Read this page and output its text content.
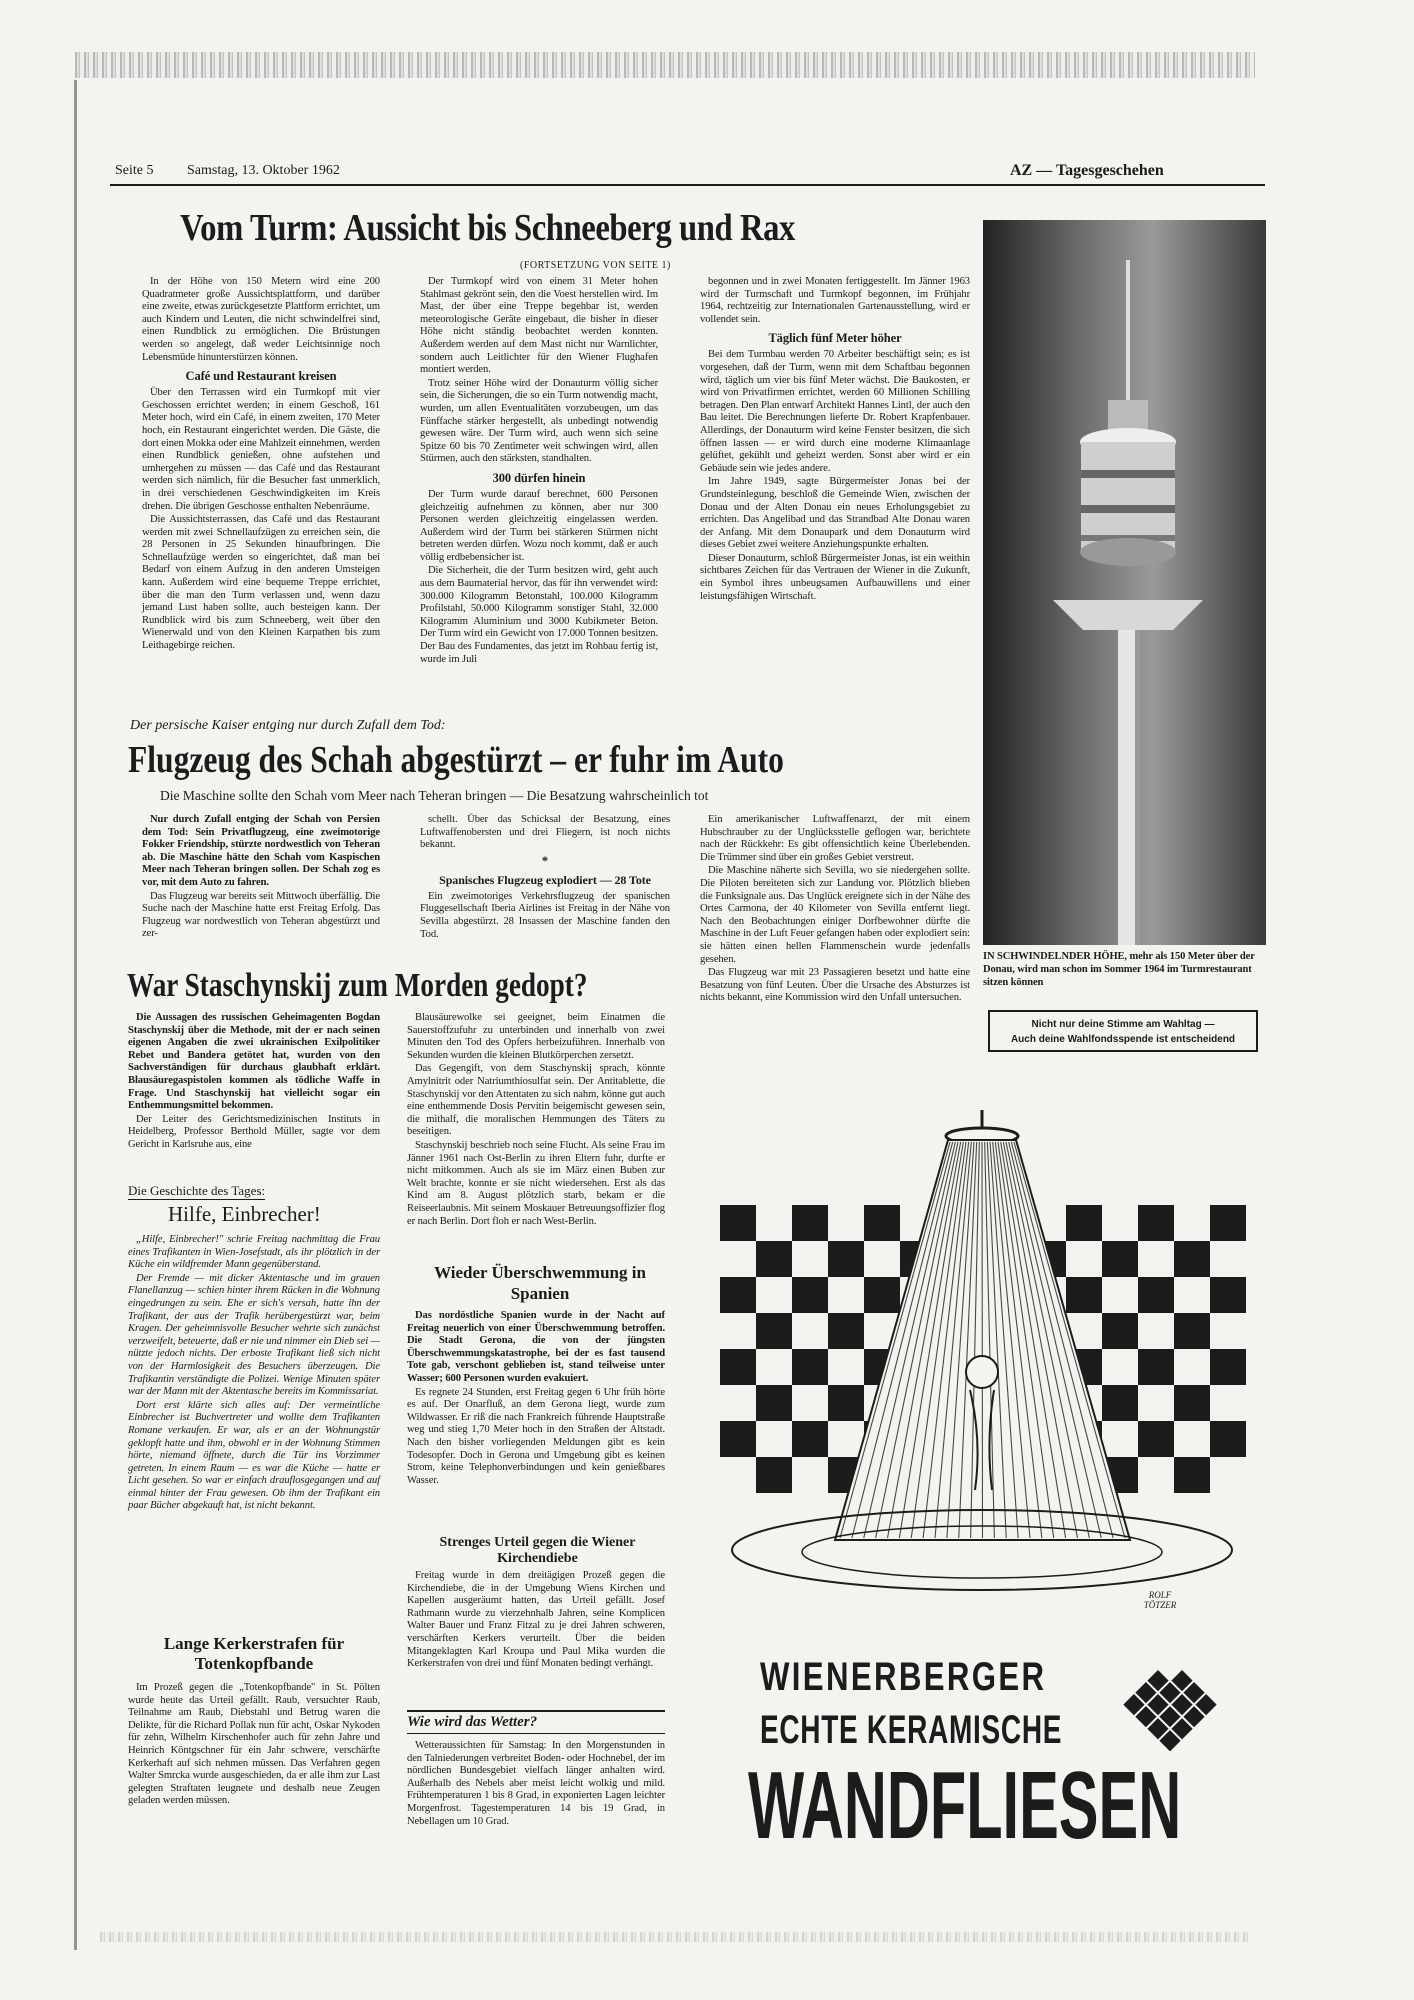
Seite 5 Samstag, 13. Oktober 1962	AZ — Tagesgeschehen
Vom Turm: Aussicht bis Schneeberg und Rax
(FORTSETZUNG VON SEITE 1)

In der Höhe von 150 Metern wird eine 200 Quadratmeter große Aussichtsplattform, und darüber eine zweite, etwas zurückgesetzte Plattform errichtet, um auch Kindern und Leuten, die nicht schwindelfrei sind, einen Rundblick zu ermöglichen. Die Brüstungen werden so angelegt, daß weder Leichtsinnige noch Lebensmüde hinunterstürzen können.

Café und Restaurant kreisen

Über den Terrassen wird ein Turmkopf mit vier Geschossen errichtet werden; in einem Geschoß, 161 Meter hoch, wird ein Café, in einem zweiten, 170 Meter hoch, ein Restaurant eingerichtet werden. Die Gäste, die dort einen Mokka oder eine Mahlzeit einnehmen, werden einen Rundblick genießen, ohne aufstehen und umhergehen zu müssen — das Café und das Restaurant werden sich nämlich, für die Besucher fast unmerklich, in drei verschiedenen Geschwindigkeiten im Kreis drehen. Die übrigen Geschosse enthalten Nebenräume.

Die Aussichtsterrassen, das Café und das Restaurant werden mit zwei Schnellaufzügen zu erreichen sein, die 28 Personen in 25 Sekunden hinaufbringen. Die Schnellaufzüge werden so eingerichtet, daß man bei Bedarf von einem Aufzug in den anderen Umsteigen kann. Außerdem wird eine bequeme Treppe errichtet, über die man den Turm verlassen und, wenn dazu jemand Lust haben sollte, auch besteigen kann. Der Rundblick wird bis zum Schneeberg, weit über den Wienerwald und von den Kleinen Karpathen bis zum Leithagebirge reichen.

Der Turmkopf wird von einem 31 Meter hohen Stahlmast gekrönt sein, den die Voest herstellen wird. Im Mast, der über eine Treppe begehbar ist, werden meteorologische Geräte eingebaut, die bisher in dieser Höhe nicht ständig beobachtet werden konnten. Außerdem werden auf dem Mast nicht nur Warnlichter, sondern auch Leitlichter für den Wiener Flughafen montiert werden.

Trotz seiner Höhe wird der Donauturm völlig sicher sein, die Sicherungen, die so ein Turm notwendig macht, wurden, um allen Eventualitäten vorzubeugen, um das Fünffache stärker hergestellt, als unbedingt notwendig gewesen wäre. Der Turm wird, auch wenn sich seine Spitze 60 bis 70 Zentimeter weit schwingen wird, allen Stürmen, auch den stärksten, standhalten.

300 dürfen hinein

Der Turm wurde darauf berechnet, 600 Personen gleichzeitig aufnehmen zu können, aber nur 300 Personen werden gleichzeitig eingelassen werden. Außerdem wird der Turm bei stärkeren Stürmen nicht betreten werden dürfen. Wozu noch kommt, daß er auch völlig erdbebensicher ist.

Die Sicherheit, die der Turm besitzen wird, geht auch aus dem Baumaterial hervor, das für ihn verwendet wird: 300.000 Kilogramm Betonstahl, 100.000 Kilogramm Profilstahl, 50.000 Kilogramm sonstiger Stahl, 32.000 Kilogramm Aluminium und 3000 Kubikmeter Beton. Der Turm wird ein Gewicht von 17.000 Tonnen besitzen. Der Bau des Fundamentes, das jetzt im Rohbau fertig ist, wurde im Juli

begonnen und in zwei Monaten fertiggestellt. Im Jänner 1963 wird der Turmschaft und Turmkopf begonnen, im Frühjahr 1964, rechtzeitig zur Internationalen Gartenausstellung, wird er vollendet sein.

Täglich fünf Meter höher

Bei dem Turmbau werden 70 Arbeiter beschäftigt sein; es ist vorgesehen, daß der Turm, wenn mit dem Schaftbau begonnen wird, täglich um vier bis fünf Meter wächst. Die Baukosten, er wird von Privatfirmen errichtet, werden 60 Millionen Schilling betragen. Den Plan entwarf Architekt Hannes Lintl, der auch den Bau leitet. Die Berechnungen lieferte Dr. Robert Krapfenbauer. Allerdings, der Donauturm wird keine Fenster besitzen, die sich öffnen lassen — er wird durch eine moderne Klimaanlage gelüftet, gekühlt und geheizt werden. Sonst aber wird er ein Gebäude sein wie jedes andere.

Im Jahre 1949, sagte Bürgermeister Jonas bei der Grundsteinlegung, beschloß die Gemeinde Wien, zwischen der Donau und der Alten Donau ein neues Erholungsgebiet zu errichten. Das Angelibad und das Strandbad Alte Donau waren der Anfang. Mit dem Donaupark und dem Donauturm wird dieses Gebiet zwei weitere Anziehungspunkte erhalten.

Dieser Donauturm, schloß Bürgermeister Jonas, ist ein weithin sichtbares Zeichen für das Vertrauen der Wiener in die Zukunft, ein Symbol ihres unbeugsamen Aufbauwillens und einer leistungsfähigen Wirtschaft.

IN SCHWINDELNDER HÖHE, mehr als 150 Meter über der Donau, wird man schon im Sommer 1964 im Turmrestaurant sitzen können
Der persische Kaiser entging nur durch Zufall dem Tod:
Flugzeug des Schah abgestürzt – er fuhr im Auto
Die Maschine sollte den Schah vom Meer nach Teheran bringen — Die Besatzung wahrscheinlich tot

Nur durch Zufall entging der Schah von Persien dem Tod: Sein Privatflugzeug, eine zweimotorige Fokker Friendship, stürzte nordwestlich von Teheran ab. Die Maschine hätte den Schah vom Kaspischen Meer nach Teheran bringen sollen. Der Schah zog es vor, mit dem Auto zu fahren.

Das Flugzeug war bereits seit Mittwoch überfällig. Die Suche nach der Maschine hatte erst Freitag Erfolg. Das Flugzeug war nordwestlich von Teheran abgestürzt und zer-

schellt. Über das Schicksal der Besatzung, eines Luftwaffenobersten und drei Fliegern, ist noch nichts bekannt.

*
Spanisches Flugzeug explodiert — 28 Tote

Ein zweimotoriges Verkehrsflugzeug der spanischen Fluggesellschaft Iberia Airlines ist Freitag in der Nähe von Sevilla abgestürzt. 28 Insassen der Maschine fanden den Tod.

Ein amerikanischer Luftwaffenarzt, der mit einem Hubschrauber zu der Unglücksstelle geflogen war, berichtete nach der Rückkehr: Es gibt offensichtlich keine Überlebenden. Die Trümmer sind über ein großes Gebiet verstreut.

Die Maschine näherte sich Sevilla, wo sie niedergehen sollte. Die Piloten bereiteten sich zur Landung vor. Plötzlich blieben die Funksignale aus. Das Unglück ereignete sich in der Nähe des Ortes Carmona, der 40 Kilometer von Sevilla entfernt liegt. Nach den Beobachtungen einiger Dorfbewohner dürfte die Maschine in der Luft Feuer gefangen haben oder explodiert sein: sie hätten einen hellen Flammenschein wurde jedenfalls gesehen.

Das Flugzeug war mit 23 Passagieren besetzt und hatte eine Besatzung von fünf Leuten. Über die Ursache des Absturzes ist nichts bekannt, eine Kommission wird den Unfall untersuchen.

War Staschynskij zum Morden gedopt?

Die Aussagen des russischen Geheimagenten Bogdan Staschynskij über die Methode, mit der er nach seinen eigenen Angaben die zwei ukrainischen Exilpolitiker Rebet und Bandera getötet hat, wurden von den Sachverständigen für durchaus glaubhaft erklärt. Blausäuregaspistolen kommen als tödliche Waffe in Frage. Und Staschynskij hat vielleicht sogar ein Enthemmungsmittel bekommen.

Der Leiter des Gerichtsmedizinischen Instituts in Heidelberg, Professor Berthold Müller, sagte vor dem Gericht in Karlsruhe aus, eine

Blausäurewolke sei geeignet, beim Einatmen die Sauerstoffzufuhr zu unterbinden und innerhalb von zwei Minuten den Tod des Opfers herbeizuführen. Innerhalb von Sekunden wurden die kleinen Blutkörperchen zersetzt.

Das Gegengift, von dem Staschynskij sprach, könnte Amylnitrit oder Natriumthiosulfat sein. Der Antitablette, die Staschynskij vor den Attentaten zu sich nahm, könne gut auch eine enthemmende Dosis Pervitin beigemischt gewesen sein, die mithalf, die moralischen Hemmungen des Täters zu beseitigen.

Staschynskij beschrieb noch seine Flucht. Als seine Frau im Jänner 1961 nach Ost-Berlin zu ihren Eltern fuhr, durfte er nicht mitkommen. Auch als sie im März einen Buben zur Welt brachte, konnte er sie nicht wiedersehen. Erst als das Kind am 8. August plötzlich starb, bekam er die Reiseerlaubnis. Mit seinem Moskauer Betreuungsoffizier flog er nach Berlin. Dort floh er nach West-Berlin.

Nicht nur deine Stimme am Wahltag —
Auch deine Wahlfondsspende ist entscheidend
Die Geschichte des Tages:
Hilfe, Einbrecher!

„Hilfe, Einbrecher!" schrie Freitag nachmittag die Frau eines Trafikanten in Wien-Josefstadt, als ihr plötzlich in der Küche ein wildfremder Mann gegenüberstand.

Der Fremde — mit dicker Aktentasche und im grauen Flanellanzug — schien hinter ihrem Rücken in die Wohnung eingedrungen zu sein. Ehe er sich's versah, hatte ihn der Trafikant, der aus der Trafik herübergestürzt war, beim Kragen. Der geheimnisvolle Besucher wehrte sich zunächst verzweifelt, beteuerte, daß er nie und nimmer ein Dieb sei — nützte jedoch nichts. Der erboste Trafikant ließ sich nicht von der Harmlosigkeit des Besuchers überzeugen. Die Trafikantin verständigte die Polizei. Wenige Minuten später war der Mann mit der Aktentasche bereits im Kommissariat.

Dort erst klärte sich alles auf: Der vermeintliche Einbrecher ist Buchvertreter und wollte dem Trafikanten Romane verkaufen. Er war, als er an der Wohnungstür geklopft hatte und ihm, obwohl er in der Wohnung Stimmen hörte, niemand öffnete, durch die Tür ins Vorzimmer getreten. In einem Raum — es war die Küche — hatte er Licht gesehen. So war er einfach drauflosgegangen und auf einmal hinter der Frau gewesen. Ob ihm der Trafikant ein paar Bücher abgekauft hat, ist nicht bekannt.

Lange Kerkerstrafen für Totenkopfbande

Im Prozeß gegen die „Totenkopfbande" in St. Pölten wurde heute das Urteil gefällt. Raub, versuchter Raub, Teilnahme am Raub, Diebstahl und Betrug waren die Delikte, für die Richard Pollak nun für acht, Oskar Nykoden für zehn, Wilhelm Kirschenhofer auch für zehn Jahre und Heinrich Köntgschner für ein Jahr schwere, verschärfte Kerkerhaft auf sich nehmen müssen. Das Verfahren gegen Walter Smrcka wurde ausgeschieden, da er alle ihm zur Last gelegten Straftaten leugnete und deshalb neue Zeugen geladen werden müssen.

Wieder Überschwemmung in Spanien

Das nordöstliche Spanien wurde in der Nacht auf Freitag neuerlich von einer Überschwemmung betroffen. Die Stadt Gerona, die von der jüngsten Überschwemmungskatastrophe, bei der es fast tausend Tote gab, verschont geblieben ist, stand teilweise unter Wasser; 600 Personen wurden evakuiert.

Es regnete 24 Stunden, erst Freitag gegen 6 Uhr früh hörte es auf. Der Onarfluß, an dem Gerona liegt, wurde zum Wildwasser. Er riß die nach Frankreich führende Hauptstraße weg und stieg 1,70 Meter hoch in den Straßen der Altstadt. Nach den bisher vorliegenden Meldungen gibt es kein Todesopfer. Doch in Gerona und Umgebung gibt es keinen Strom, keine Telephonverbindungen und kein genießbares Wasser.

Strenges Urteil gegen die Wiener Kirchendiebe

Freitag wurde in dem dreitägigen Prozeß gegen die Kirchendiebe, die in der Umgebung Wiens Kirchen und Kapellen ausgeräumt hatten, das Urteil gefällt. Josef Rathmann wurde zu vierzehnhalb Jahren, seine Komplicen Walter Bauer und Franz Fitzal zu je drei Jahren schweren, verschärften Kerkers verurteilt. Über die beiden Mitangeklagten Karl Kroupa und Paul Mika wurden die Kerkerstrafen von drei und fünf Monaten bedingt verhängt.

Wie wird das Wetter?

Wetteraussichten für Samstag: In den Morgenstunden in den Talniederungen verbreitet Boden- oder Hochnebel, der im nördlichen Bundesgebiet vielfach länger anhalten wird. Außerhalb des Nebels aber meist leicht wolkig und mild. Frühtemperaturen 1 bis 8 Grad, in exponierten Lagen leichter Morgenfrost. Tagestemperaturen 14 bis 19 Grad, in Nebellagen um 10 Grad.

ROLF TÖTZER
WIENERBERGER
ECHTE KERAMISCHE
WANDFLIESEN
